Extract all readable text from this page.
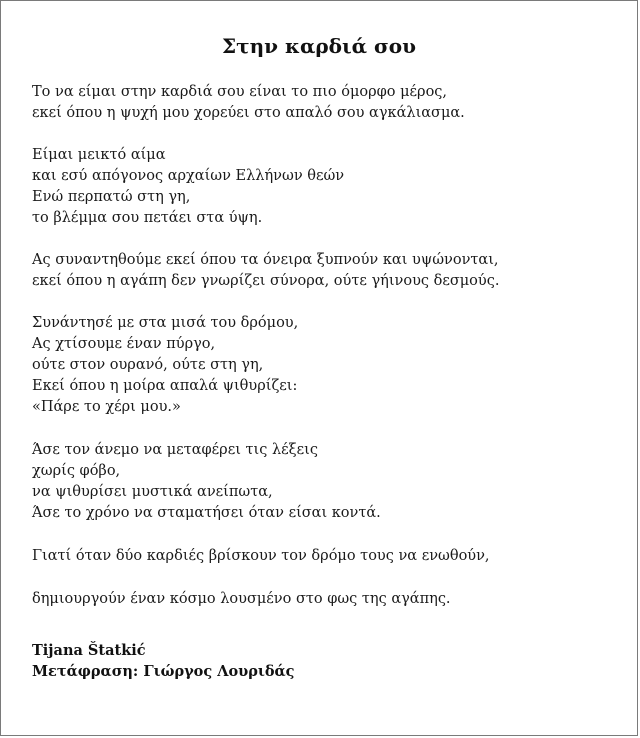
Στην καρδιά σου
Το να είμαι στην καρδιά σου είναι το πιο όμορφο μέρος,
εκεί όπου η ψυχή μου χορεύει στο απαλό σου αγκάλιασμα.
Είμαι μεικτό αίμα
και εσύ απόγονος αρχαίων Ελλήνων θεών
Ενώ περπατώ στη γη,
το βλέμμα σου πετάει στα ύψη.
Ας συναντηθούμε εκεί όπου τα όνειρα ξυπνούν και υψώνονται,
εκεί όπου η αγάπη δεν γνωρίζει σύνορα, ούτε γήινους δεσμούς.
Συνάντησέ με στα μισά του δρόμου,
Ας χτίσουμε έναν πύργο,
ούτε στον ουρανό, ούτε στη γη,
Εκεί όπου η μοίρα απαλά ψιθυρίζει:
«Πάρε το χέρι μου.»
Άσε τον άνεμο να μεταφέρει τις λέξεις
χωρίς φόβο,
να ψιθυρίσει μυστικά ανείπωτα,
Άσε το χρόνο να σταματήσει όταν είσαι κοντά.
Γιατί όταν δύο καρδιές βρίσκουν τον δρόμο τους να ενωθούν,
δημιουργούν έναν κόσμο λουσμένο στο φως της αγάπης.
Tijana Štatkić
Μετάφραση: Γιώργος Λουριδάς
